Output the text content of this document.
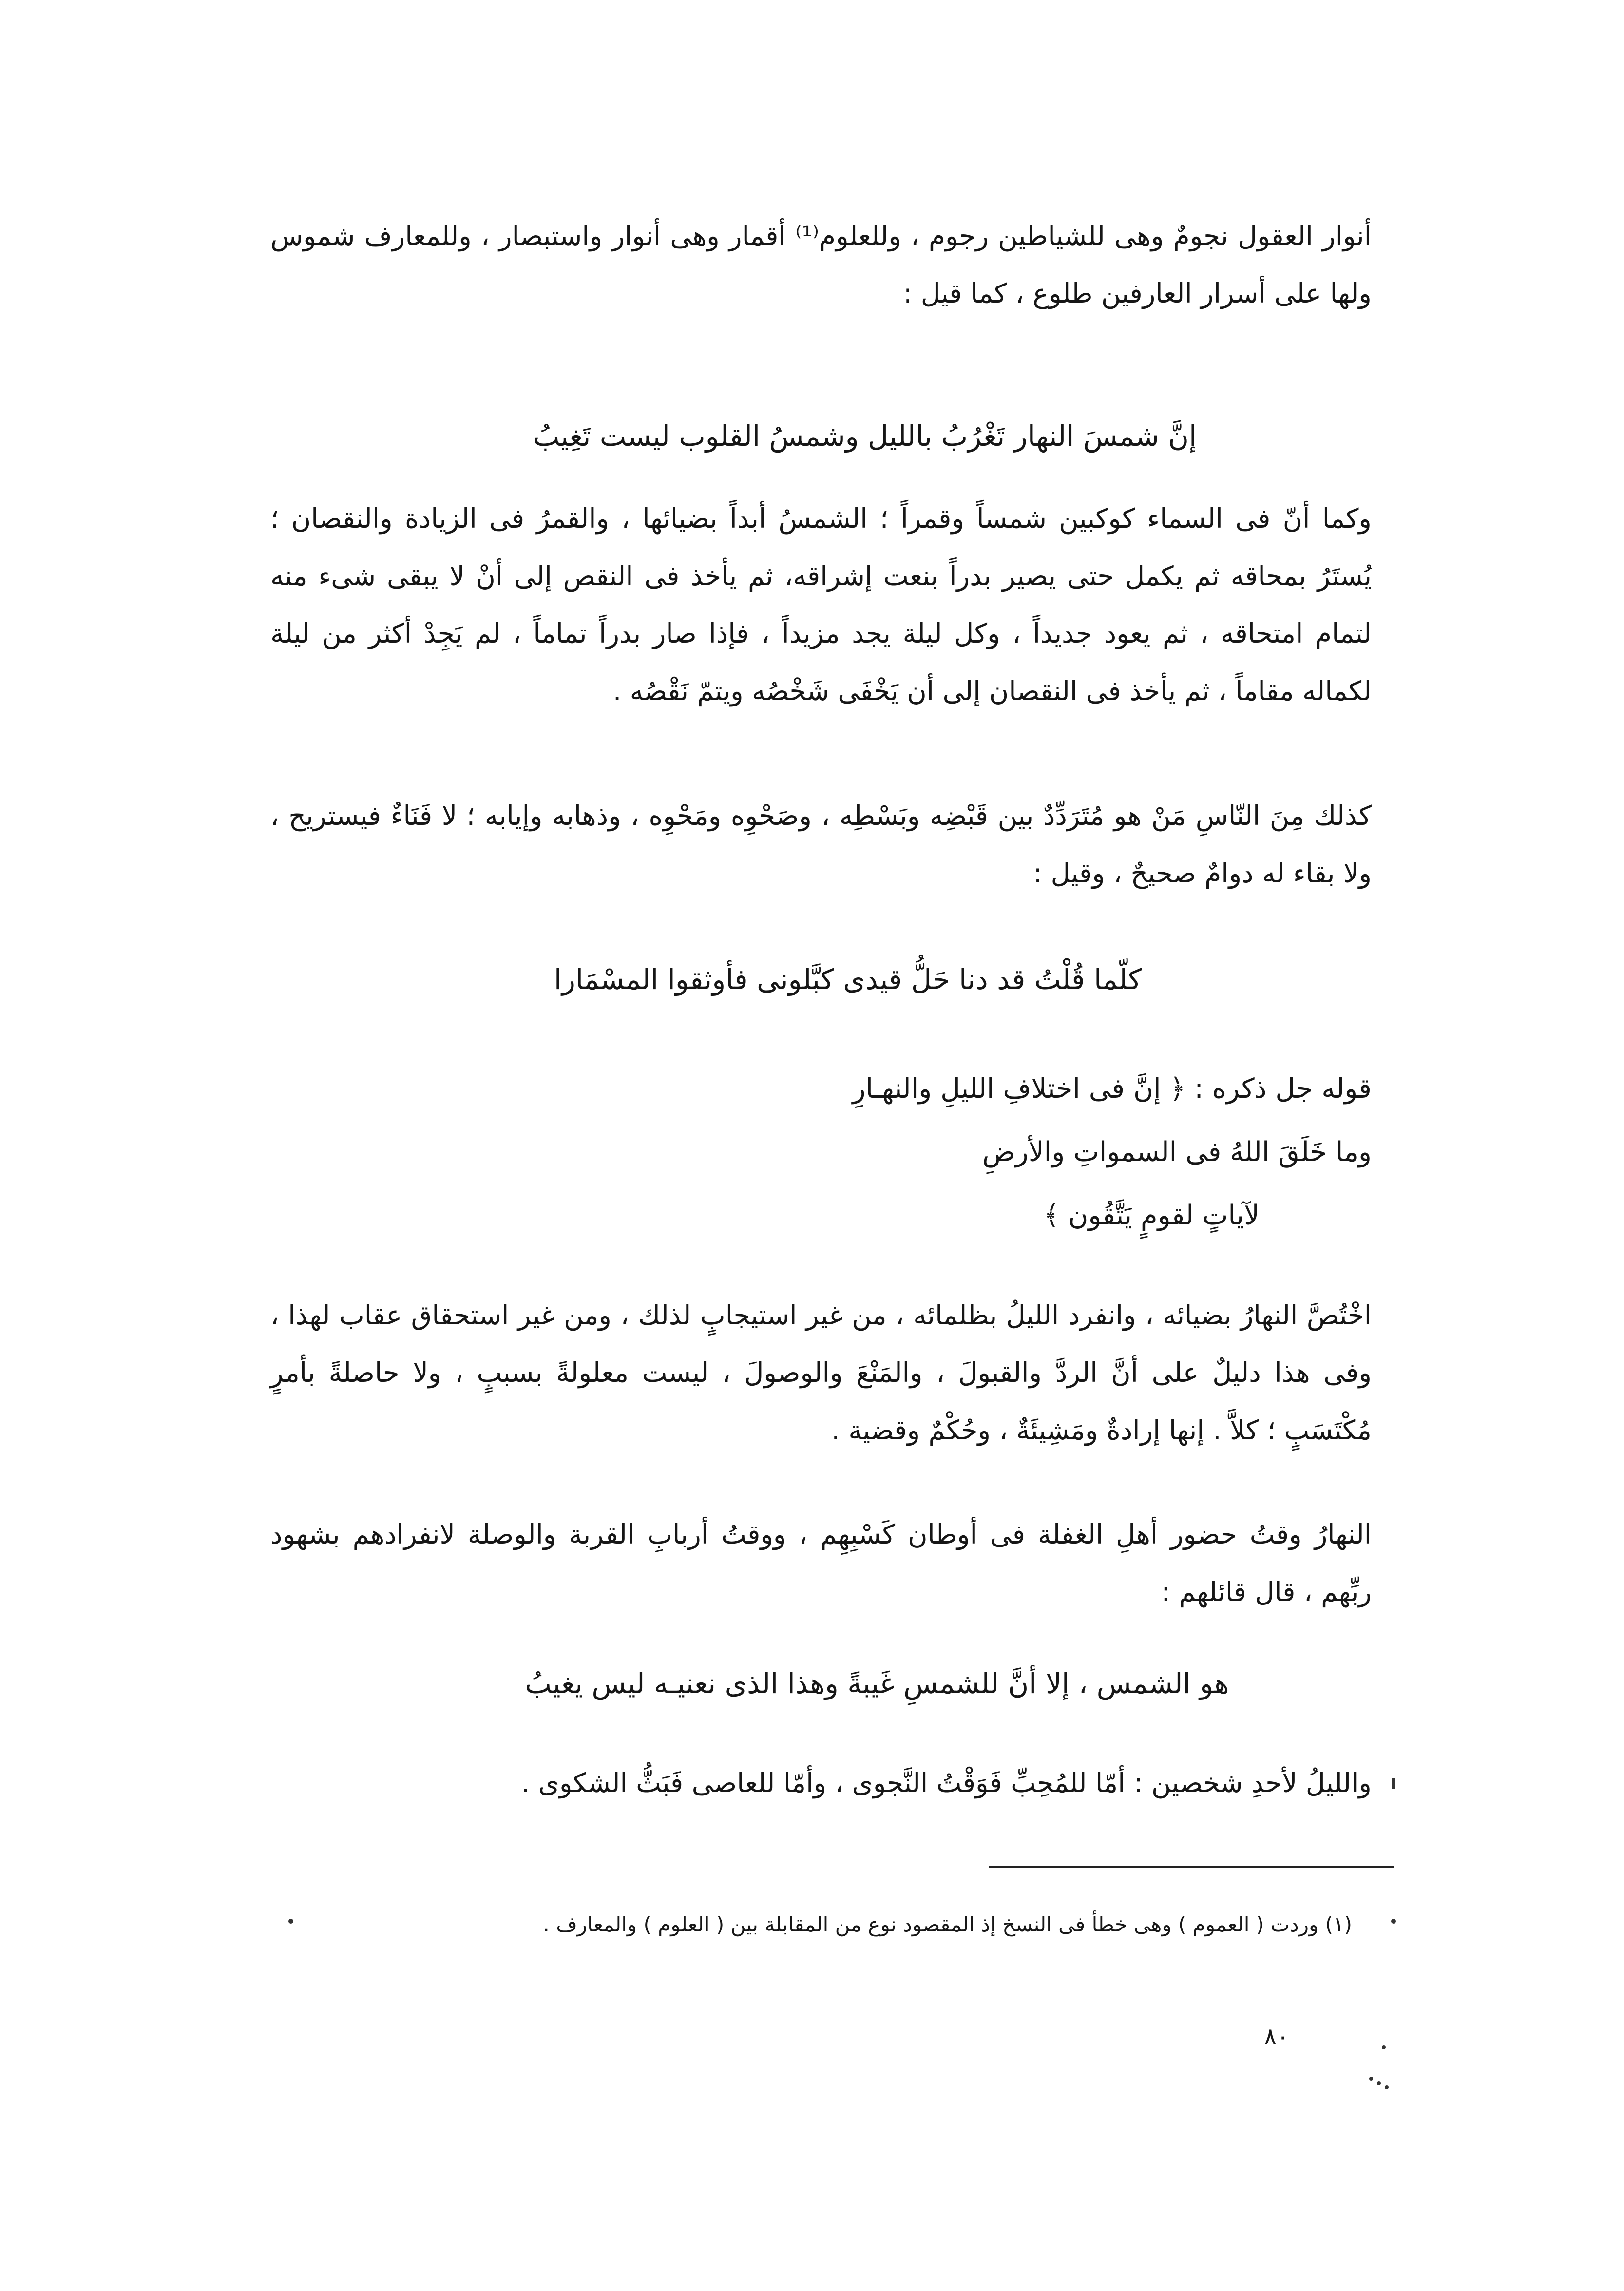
أنوار العقول نجومٌ وهى للشياطين رجوم ، وللعلوم⁽¹⁾ أقمار وهى أنوار واستبصار ، وللمعارف شموس ولها على أسرار العارفين طلوع ، كما قيل :
إنَّ شمسَ النهار تَغْرُبُ بالليل وشمسُ القلوب ليست تَغِيبُ
وكما أنّ فى السماء كوكبين شمساً وقمراً ؛ الشمسُ أبداً بضيائها ، والقمرُ فى الزيادة والنقصان ؛ يُستَرُ بمحاقه ثم يكمل حتى يصير بدراً بنعت إشراقه، ثم يأخذ فى النقص إلى أنْ لا يبقى شىء منه لتمام امتحاقه ، ثم يعود جديداً ، وكل ليلة يجد مزيداً ، فإذا صار بدراً تماماً ، لم يَجِدْ أكثر من ليلة لكماله مقاماً ، ثم يأخذ فى النقصان إلى أن يَخْفَى شَخْصُه ويتمّ نَقْصُه .
كذلك مِنَ النّاسِ مَنْ هو مُتَرَدِّدٌ بين قَبْضِه وبَسْطِه ، وصَحْوِه ومَحْوِه ، وذهابه وإيابه ؛ لا فَنَاءٌ فيستريح ، ولا بقاء له دوامٌ صحيحٌ ، وقيل :
كلّما قُلْتُ قد دنا حَلُّ قيدى كبَّلونى فأوثقوا المسْمَارا
قوله جل ذكره : ﴿ إنَّ فى اختلافِ الليلِ والنهـارِ
وما خَلَقَ اللهُ فى السمواتِ والأرضِ
لآياتٍ لقومٍ يَتَّقُون ﴾
اخْتُصَّ النهارُ بضيائه ، وانفرد الليلُ بظلمائه ، من غير استيجابٍ لذلك ، ومن غير استحقاق عقاب لهذا ، وفى هذا دليلٌ على أنَّ الردَّ والقبولَ ، والمَنْعَ والوصولَ ، ليست معلولةً بسببٍ ، ولا حاصلةً بأمرٍ مُكْتَسَبٍ ؛ كلاَّ . إنها إرادةٌ ومَشِيئَةٌ ، وحُكْمٌ وقضية .
النهارُ وقتُ حضور أهلِ الغفلة فى أوطان كَسْبِهِم ، ووقتُ أربابِ القربة والوصلة لانفرادهم بشهود ربِّهم ، قال قائلهم :
هو الشمس ، إلا أنَّ للشمسِ غَيبةً وهذا الذى نعنيـه ليس يغيبُ
والليلُ لأحدِ شخصين : أمّا للمُحِبِّ فَوَقْتُ النَّجوى ، وأمّا للعاصى فَبَثُّ الشكوى .
(١) وردت ( العموم ) وهى خطأ فى النسخ إذ المقصود نوع من المقابلة بين ( العلوم ) والمعارف .
٨٠
